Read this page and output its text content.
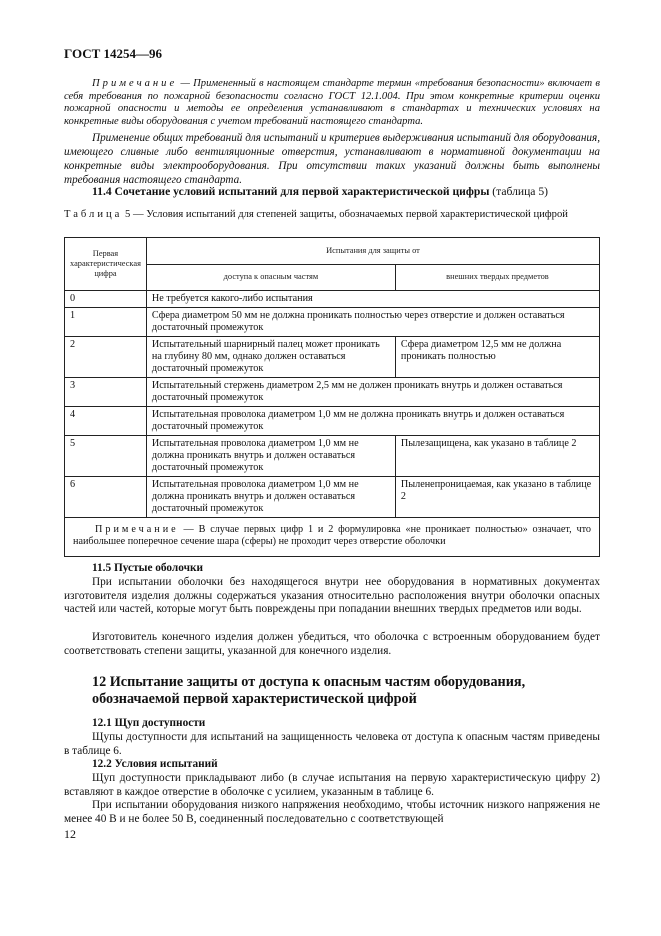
ГОСТ 14254—96
Примечание — Примененный в настоящем стандарте термин «требования безопасности» включает в себя требования по пожарной безопасности согласно ГОСТ 12.1.004. При этом конкретные критерии оценки пожарной опасности и методы ее определения устанавливают в стандартах и технических условиях на конкретные виды оборудования с учетом требований настоящего стандарта.
Применение общих требований для испытаний и критериев выдерживания испытаний для оборудования, имеющего сливные либо вентиляционные отверстия, устанавливают в нормативной документации на конкретные виды электрооборудования. При отсутствии таких указаний должны быть выполнены требования настоящего стандарта.
11.4 Сочетание условий испытаний для первой характеристической цифры (таблица 5)
Таблица 5 — Условия испытаний для степеней защиты, обозначаемых первой характеристической цифрой
Первая характеристическая цифра	Испытания для защиты от	
	доступа к опасным частям	внешних твердых предметов
0	Не требуется какого-либо испытания	
1	Сфера диаметром 50 мм не должна проникать полностью через отверстие и должен оставаться достаточный промежуток	
2	Испытательный шарнирный палец может проникать на глубину 80 мм, однако должен оставаться достаточный промежуток	Сфера диаметром 12,5 мм не должна проникать полностью
3	Испытательный стержень диаметром 2,5 мм не должен проникать внутрь и должен оставаться достаточный промежуток	
4	Испытательная проволока диаметром 1,0 мм не должна проникать внутрь и должен оставаться достаточный промежуток	
5	Испытательная проволока диаметром 1,0 мм не должна проникать внутрь и должен оставаться достаточный промежуток	Пылезащищена, как указано в таблице 2
6	Испытательная проволока диаметром 1,0 мм не должна проникать внутрь и должен оставаться достаточный промежуток	Пыленепроницаемая, как указано в таблице 2
Примечание — В случае первых цифр 1 и 2 формулировка «не проникает полностью» означает, что наибольшее поперечное сечение шара (сферы) не проходит через отверстие оболочки		
11.5 Пустые оболочки
При испытании оболочки без находящегося внутри нее оборудования в нормативных документах изготовителя изделия должны содержаться указания относительно расположения внутри оболочки опасных частей или частей, которые могут быть повреждены при попадании внешних твердых предметов или воды.
Изготовитель конечного изделия должен убедиться, что оболочка с встроенным оборудованием будет соответствовать степени защиты, указанной для конечного изделия.
12 Испытание защиты от доступа к опасным частям оборудования, обозначаемой первой характеристической цифрой
12.1 Щуп доступности
Щупы доступности для испытаний на защищенность человека от доступа к опасным частям приведены в таблице 6.
12.2 Условия испытаний
Щуп доступности прикладывают либо (в случае испытания на первую характеристическую цифру 2) вставляют в каждое отверстие в оболочке с усилием, указанным в таблице 6.
При испытании оборудования низкого напряжения необходимо, чтобы источник низкого напряжения не менее 40 В и не более 50 В, соединенный последовательно с соответствующей
12
